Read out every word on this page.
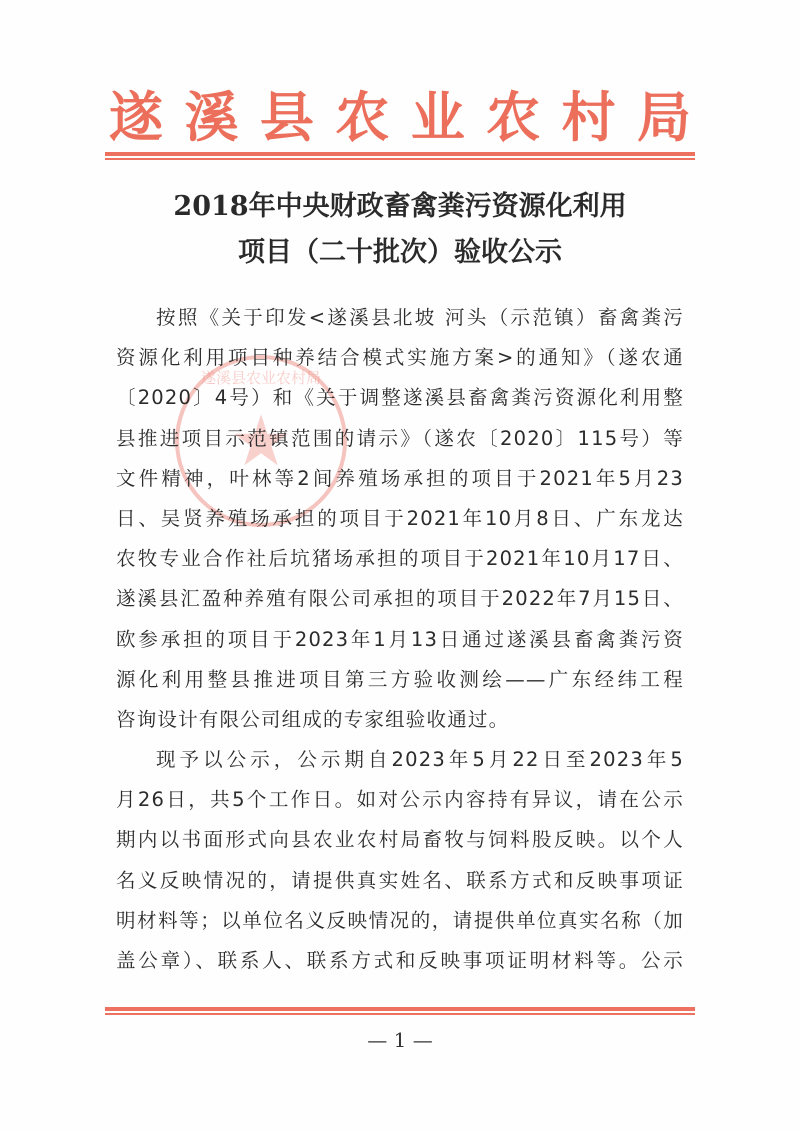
遂 溪 县 农 业 农 村 局
2018年中央财政畜禽粪污资源化利用
项目（二十批次）验收公示
遂溪县农业农村局
★
按照《关于印发<遂溪县北坡 河头（示范镇）畜禽粪污
资源化利用项目种养结合模式实施方案>的通知》（遂农通
〔2020〕4号）和《关于调整遂溪县畜禽粪污资源化利用整
县推进项目示范镇范围的请示》（遂农〔2020〕115号）等
文件精神，叶林等2间养殖场承担的项目于2021年5月23
日、吴贤养殖场承担的项目于2021年10月8日、广东龙达
农牧专业合作社后坑猪场承担的项目于2021年10月17日、
遂溪县汇盈种养殖有限公司承担的项目于2022年7月15日、
欧参承担的项目于2023年1月13日通过遂溪县畜禽粪污资
源化利用整县推进项目第三方验收测绘——广东经纬工程
咨询设计有限公司组成的专家组验收通过。
现予以公示，公示期自2023年5月22日至2023年5
月26日，共5个工作日。如对公示内容持有异议，请在公示
期内以书面形式向县农业农村局畜牧与饲料股反映。以个人
名义反映情况的，请提供真实姓名、联系方式和反映事项证
明材料等；以单位名义反映情况的，请提供单位真实名称（加
盖公章）、联系人、联系方式和反映事项证明材料等。公示
— 1 —
